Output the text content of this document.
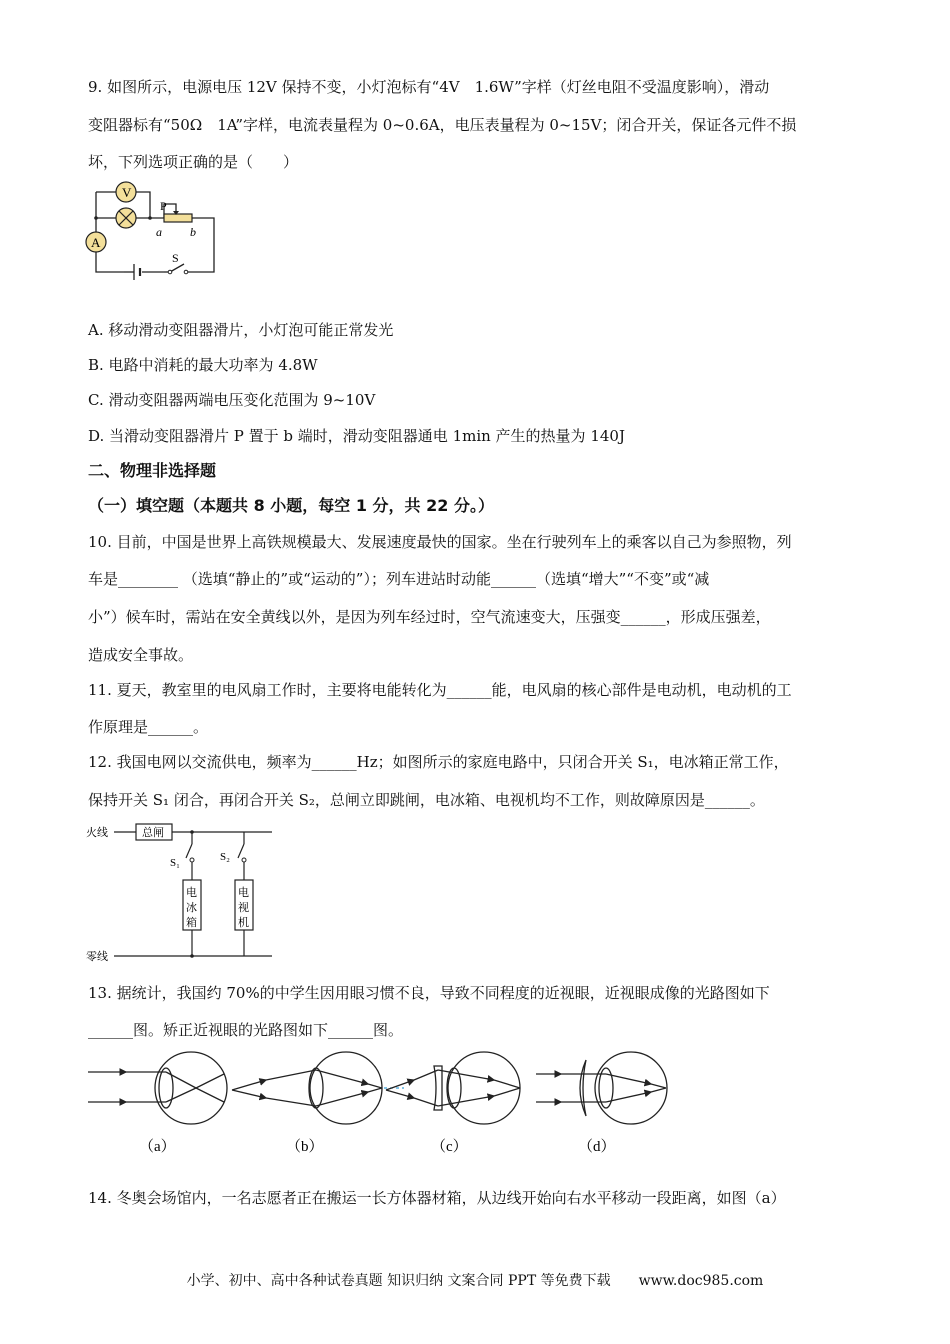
9. 如图所示，电源电压 12V 保持不变，小灯泡标有“4V　1.6W”字样（灯丝电阻不受温度影响），滑动
变阻器标有“50Ω　1A”字样，电流表量程为 0~0.6A，电压表量程为 0~15V；闭合开关，保证各元件不损
坏，下列选项正确的是（　　）
V
A
P
a b
S
A. 移动滑动变阻器滑片，小灯泡可能正常发光
B. 电路中消耗的最大功率为 4.8W
C. 滑动变阻器两端电压变化范围为 9~10V
D. 当滑动变阻器滑片 P 置于 b 端时，滑动变阻器通电 1min 产生的热量为 140J
二、物理非选择题
（一）填空题（本题共 8 小题，每空 1 分，共 22 分。）
10. 目前，中国是世界上高铁规模最大、发展速度最快的国家。坐在行驶列车上的乘客以自己为参照物，列
车是________ （选填“静止的”或“运动的”）；列车进站时动能______（选填“增大”“不变”或“减
小”）候车时，需站在安全黄线以外，是因为列车经过时，空气流速变大，压强变______，形成压强差，
造成安全事故。
11. 夏天，教室里的电风扇工作时，主要将电能转化为______能，电风扇的核心部件是电动机，电动机的工
作原理是______。
12. 我国电网以交流供电，频率为______Hz；如图所示的家庭电路中，只闭合开关 S₁，电冰箱正常工作，
保持开关 S₁ 闭合，再闭合开关 S₂，总闸立即跳闸，电冰箱、电视机均不工作，则故障原因是______。
火线
零线
总闸
S₁	S₂
电
冰
箱
电
视
机
13. 据统计，我国约 70%的中学生因用眼习惯不良，导致不同程度的近视眼，近视眼成像的光路图如下
______图。矫正近视眼的光路图如下______图。
（a）	（b）	（c）	（d）
14. 冬奥会场馆内，一名志愿者正在搬运一长方体器材箱，从边线开始向右水平移动一段距离，如图（a）
小学、初中、高中各种试卷真题 知识归纳 文案合同 PPT 等免费下载　　www.doc985.com
